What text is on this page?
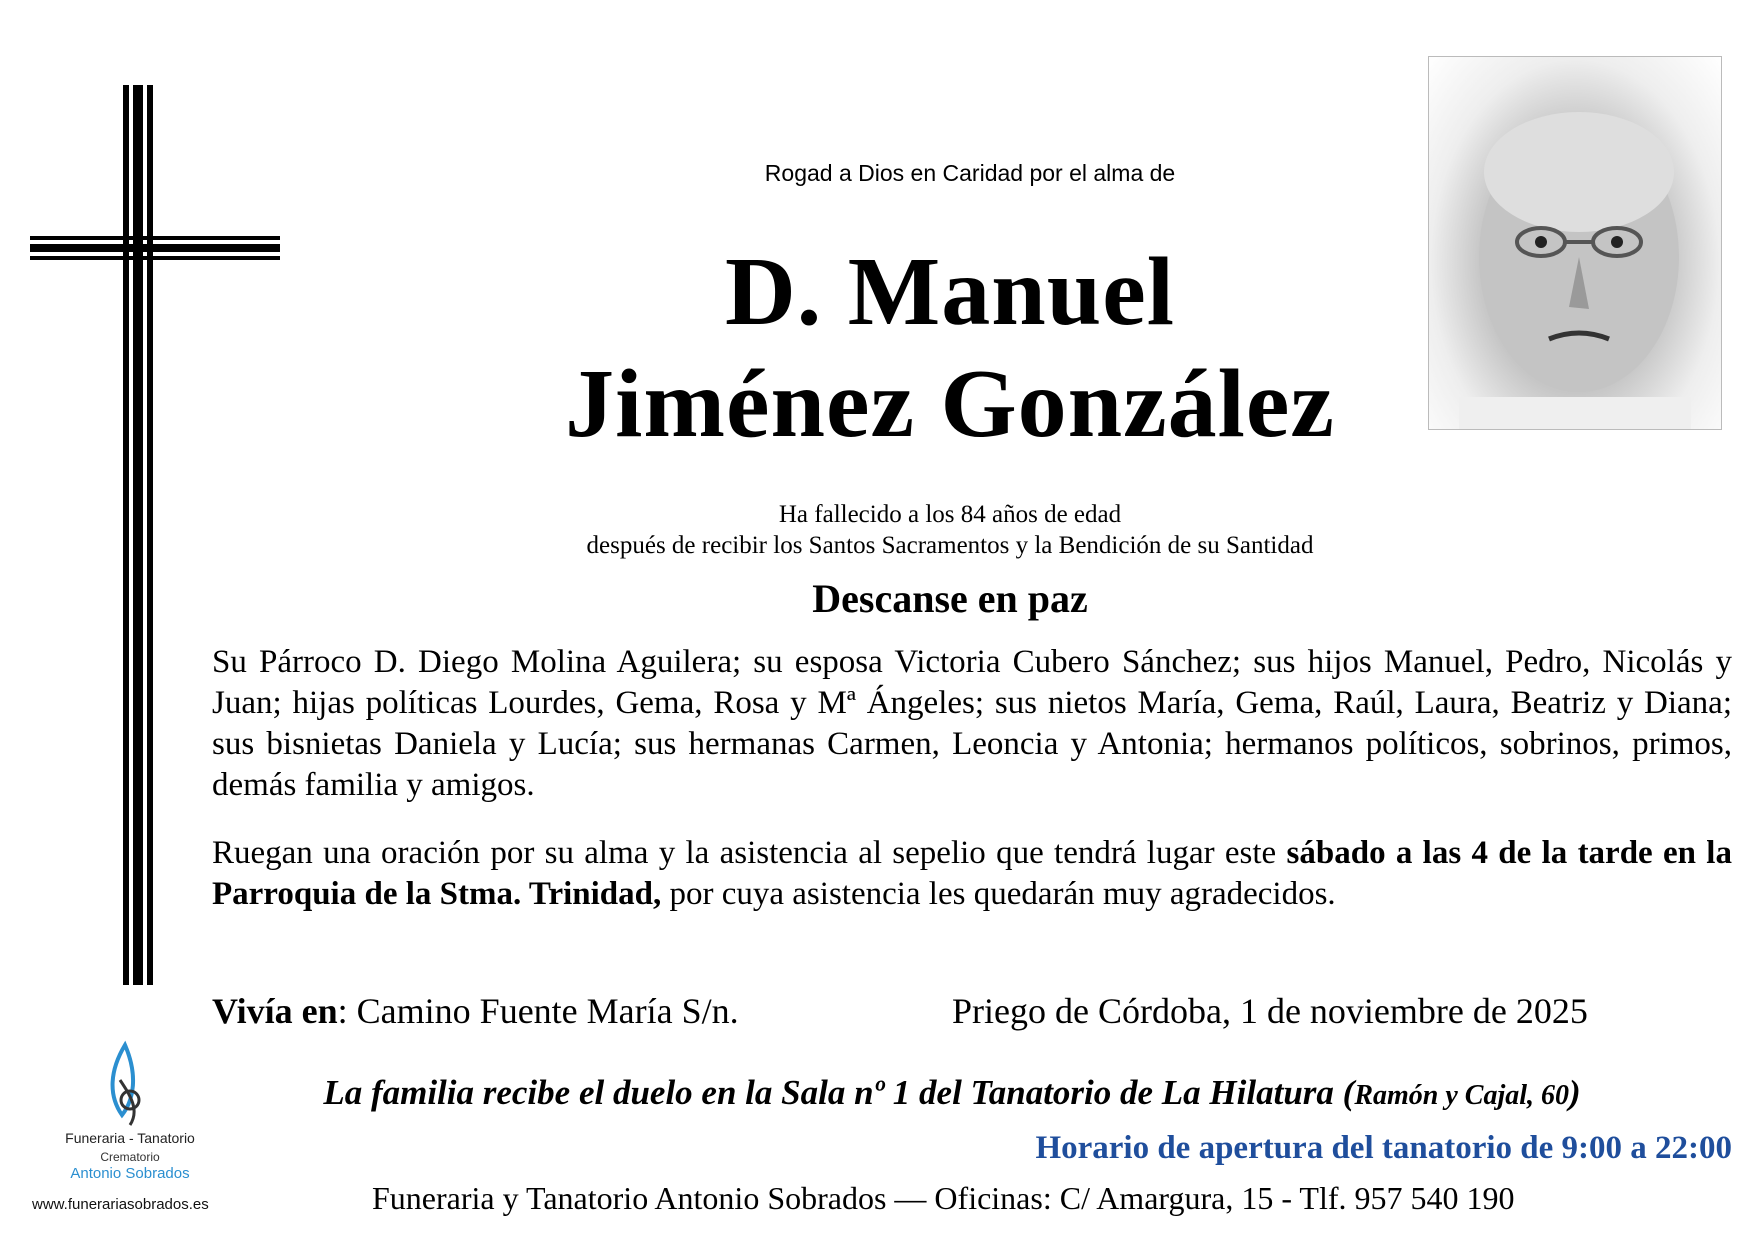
Rogad a Dios en Caridad por el alma de
D. Manuel
Jiménez González
Ha fallecido a los 84 años de edad
después de recibir los Santos Sacramentos y la Bendición de su Santidad
Descanse en paz
Su Párroco D. Diego Molina Aguilera; su esposa Victoria Cubero Sánchez; sus hijos Manuel, Pedro, Nicolás y Juan; hijas políticas Lourdes, Gema, Rosa y Mª Ángeles; sus nietos María, Gema, Raúl, Laura, Beatriz y Diana; sus bisnietas Daniela y Lucía; sus hermanas Carmen, Leoncia y Antonia; hermanos políticos, sobrinos, primos, demás familia y amigos.
Ruegan una oración por su alma y la asistencia al sepelio que tendrá lugar este sábado a las 4 de la tarde en la Parroquia de la Stma. Trinidad, por cuya asistencia les quedarán muy agradecidos.
Vivía en: Camino Fuente María S/n.	Priego de Córdoba, 1 de noviembre de 2025
La familia recibe el duelo en la Sala nº 1 del Tanatorio de La Hilatura (Ramón y Cajal, 60)
Horario de apertura del tanatorio de 9:00 a 22:00
Funeraria y Tanatorio Antonio Sobrados — Oficinas: C/ Amargura, 15 - Tlf. 957 540 190
Funeraria - Tanatorio
Crematorio
Antonio Sobrados
www.funerariasobrados.es
